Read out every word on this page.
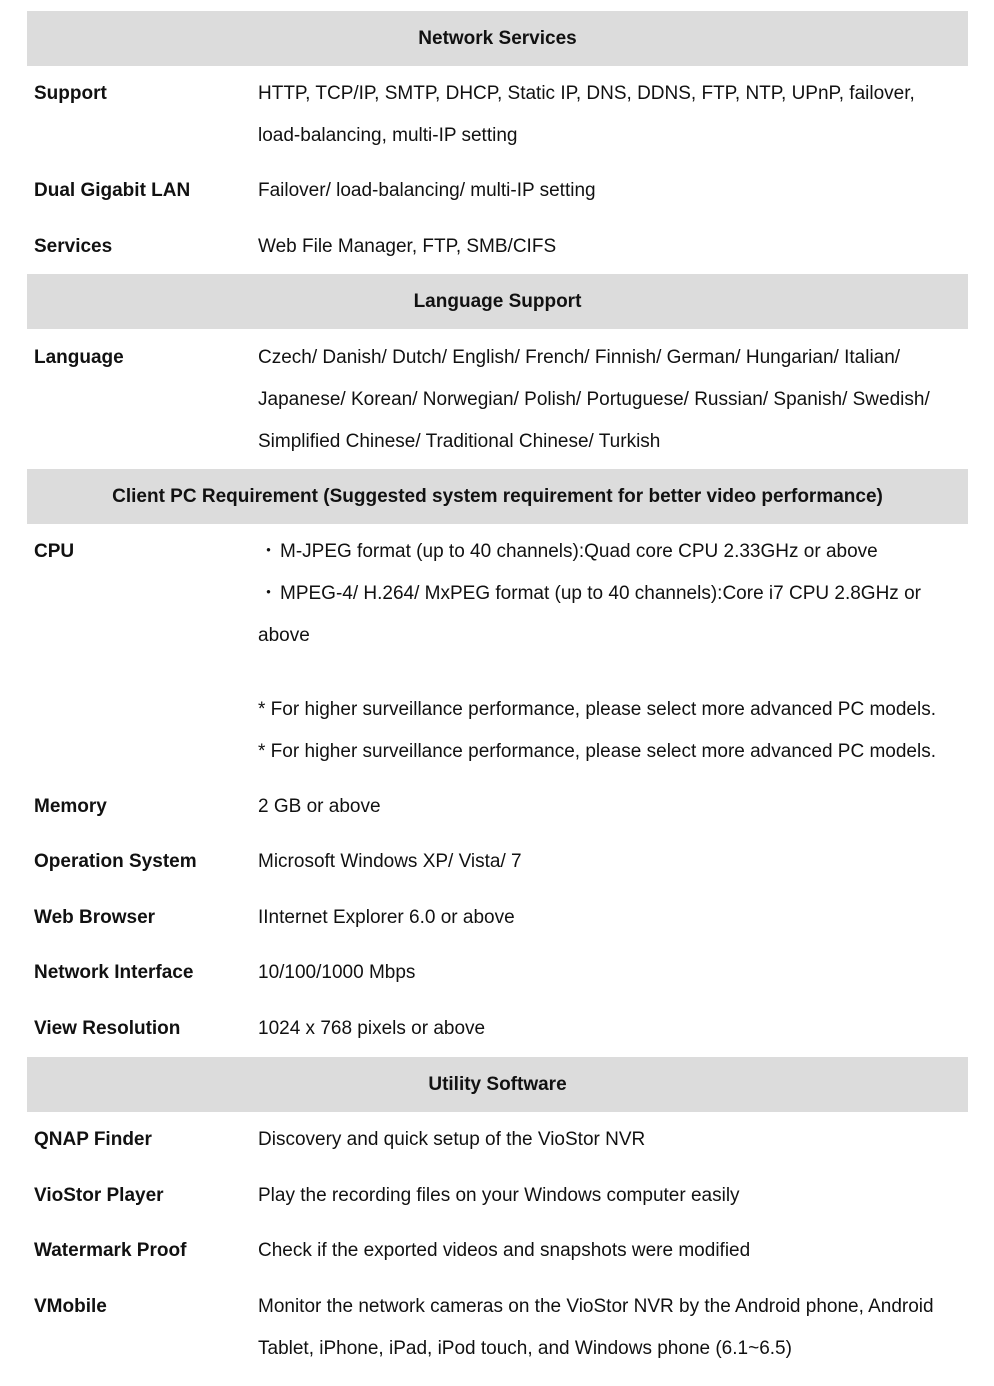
Network Services
Support	HTTP, TCP/IP, SMTP, DHCP, Static IP, DNS, DDNS, FTP, NTP, UPnP, failover,
load-balancing, multi-IP setting
Dual Gigabit LAN	Failover/ load-balancing/ multi-IP setting
Services	Web File Manager, FTP, SMB/CIFS
Language Support
Language	Czech/ Danish/ Dutch/ English/ French/ Finnish/ German/ Hungarian/ Italian/
Japanese/ Korean/ Norwegian/ Polish/ Portuguese/ Russian/ Spanish/ Swedish/
Simplified Chinese/ Traditional Chinese/ Turkish
Client PC Requirement (Suggested system requirement for better video performance)
CPU	・ M-JPEG format (up to 40 channels):Quad core CPU 2.33GHz or above
・ MPEG-4/ H.264/ MxPEG format (up to 40 channels):Core i7 CPU 2.8GHz or
above
* For higher surveillance performance, please select more advanced PC models.
* For higher surveillance performance, please select more advanced PC models.
Memory	2 GB or above
Operation System	Microsoft Windows XP/ Vista/ 7
Web Browser	IInternet Explorer 6.0 or above
Network Interface	10/100/1000 Mbps
View Resolution	1024 x 768 pixels or above
Utility Software
QNAP Finder	Discovery and quick setup of the VioStor NVR
VioStor Player	Play the recording files on your Windows computer easily
Watermark Proof	Check if the exported videos and snapshots were modified
VMobile	Monitor the network cameras on the VioStor NVR by the Android phone, Android
Tablet, iPhone, iPad, iPod touch, and Windows phone (6.1~6.5)
